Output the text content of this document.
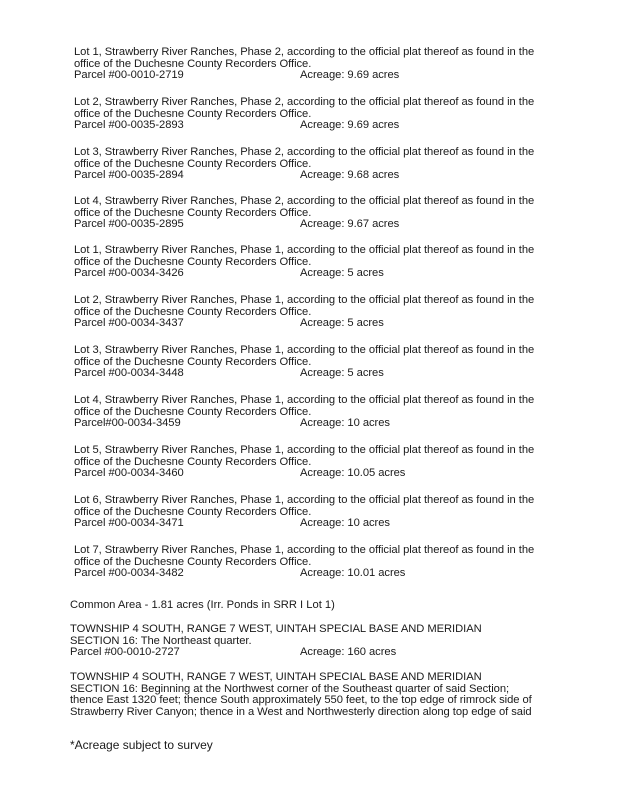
Lot 1, Strawberry River Ranches, Phase 2, according to the official plat thereof as found in the
office of the Duchesne County Recorders Office.
Parcel #00-0010-2719	Acreage: 9.69 acres
Lot 2, Strawberry River Ranches, Phase 2, according to the official plat thereof as found in the
office of the Duchesne County Recorders Office.
Parcel #00-0035-2893	Acreage: 9.69 acres
Lot 3, Strawberry River Ranches, Phase 2, according to the official plat thereof as found in the
office of the Duchesne County Recorders Office.
Parcel #00-0035-2894	Acreage: 9.68 acres
Lot 4, Strawberry River Ranches, Phase 2, according to the official plat thereof as found in the
office of the Duchesne County Recorders Office.
Parcel #00-0035-2895	Acreage: 9.67 acres
Lot 1, Strawberry River Ranches, Phase 1, according to the official plat thereof as found in the
office of the Duchesne County Recorders Office.
Parcel #00-0034-3426	Acreage: 5 acres
Lot 2, Strawberry River Ranches, Phase 1, according to the official plat thereof as found in the
office of the Duchesne County Recorders Office.
Parcel #00-0034-3437	Acreage: 5 acres
Lot 3, Strawberry River Ranches, Phase 1, according to the official plat thereof as found in the
office of the Duchesne County Recorders Office.
Parcel #00-0034-3448	Acreage: 5 acres
Lot 4, Strawberry River Ranches, Phase 1, according to the official plat thereof as found in the
office of the Duchesne County Recorders Office.
Parcel#00-0034-3459	Acreage: 10 acres
Lot 5, Strawberry River Ranches, Phase 1, according to the official plat thereof as found in the
office of the Duchesne County Recorders Office.
Parcel #00-0034-3460	Acreage: 10.05 acres
Lot 6, Strawberry River Ranches, Phase 1, according to the official plat thereof as found in the
office of the Duchesne County Recorders Office.
Parcel #00-0034-3471	Acreage: 10 acres
Lot 7, Strawberry River Ranches, Phase 1, according to the official plat thereof as found in the
office of the Duchesne County Recorders Office.
Parcel #00-0034-3482	Acreage: 10.01 acres
Common Area - 1.81 acres (Irr. Ponds in SRR I Lot 1)
TOWNSHIP 4 SOUTH, RANGE 7 WEST, UINTAH SPECIAL BASE AND MERIDIAN
SECTION 16: The Northeast quarter.
Parcel #00-0010-2727	Acreage: 160 acres
TOWNSHIP 4 SOUTH, RANGE 7 WEST, UINTAH SPECIAL BASE AND MERIDIAN
SECTION 16: Beginning at the Northwest corner of the Southeast quarter of said Section;
thence East 1320 feet; thence South approximately 550 feet, to the top edge of rimrock side of
Strawberry River Canyon; thence in a West and Northwesterly direction along top edge of said
*Acreage subject to survey
